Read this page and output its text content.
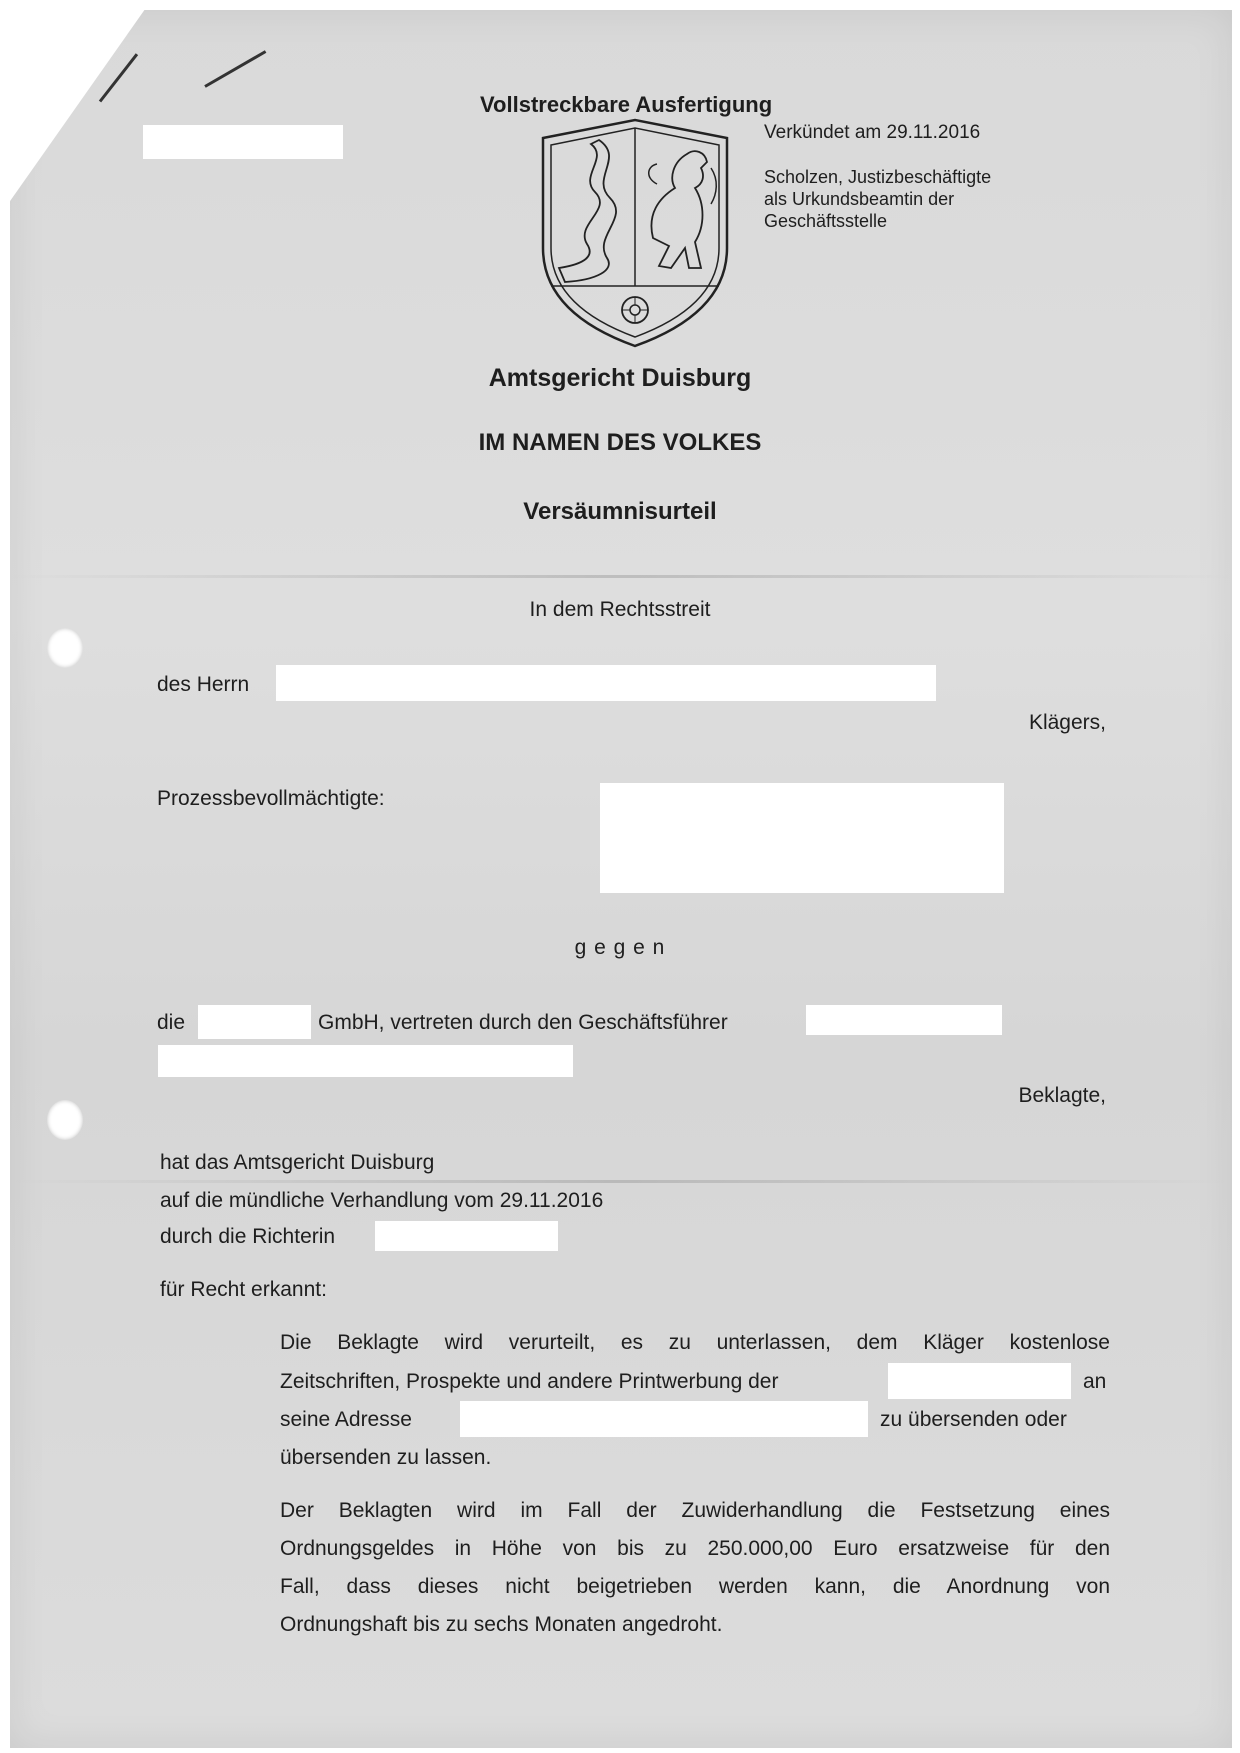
Vollstreckbare Ausfertigung
Verkündet am 29.11.2016
Scholzen, Justizbeschäftigte
als Urkundsbeamtin der
Geschäftsstelle
Amtsgericht Duisburg
IM NAMEN DES VOLKES
Versäumnisurteil
In dem Rechtsstreit
des Herrn
Klägers,
Prozessbevollmächtigte:
g e g e n
die	GmbH, vertreten durch den Geschäftsführer
Beklagte,
hat das Amtsgericht Duisburg
auf die mündliche Verhandlung vom 29.11.2016
durch die Richterin
für Recht erkannt:
Die Beklagte wird verurteilt, es zu unterlassen, dem Kläger kostenlose
Zeitschriften, Prospekte und andere Printwerbung der	an
seine Adresse	zu übersenden oder
übersenden zu lassen.
Der Beklagten wird im Fall der Zuwiderhandlung die Festsetzung eines
Ordnungsgeldes in Höhe von bis zu 250.000,00 Euro ersatzweise für den
Fall, dass dieses nicht beigetrieben werden kann, die Anordnung von
Ordnungshaft bis zu sechs Monaten angedroht.
